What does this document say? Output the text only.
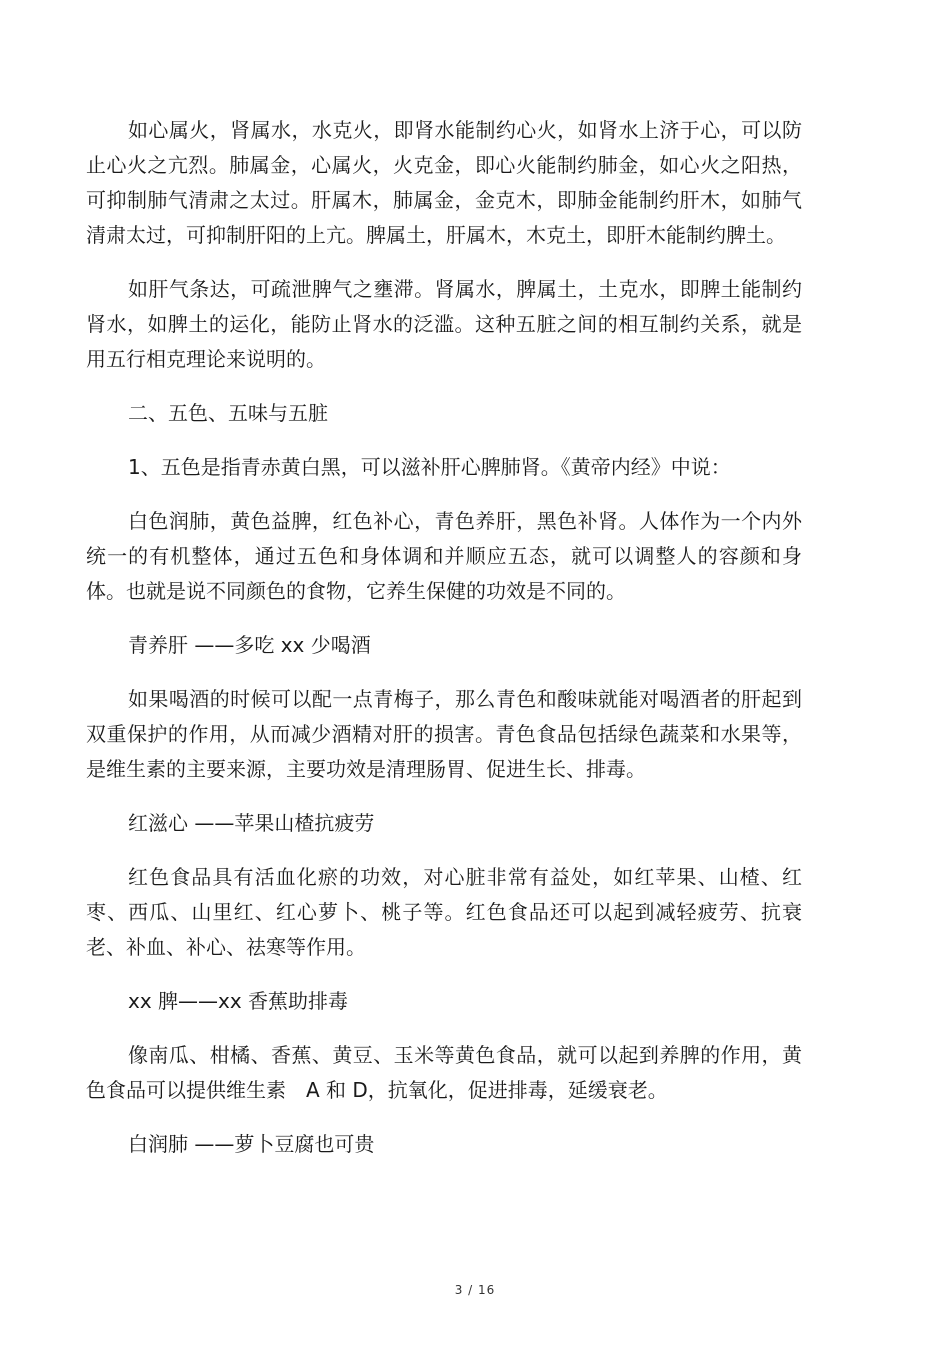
如心属火，肾属水，水克火，即肾水能制约心火，如肾水上济于心，可以防止心火之亢烈。肺属金，心属火，火克金，即心火能制约肺金，如心火之阳热，可抑制肺气清肃之太过。肝属木，肺属金，金克木，即肺金能制约肝木，如肺气清肃太过，可抑制肝阳的上亢。脾属土，肝属木，木克土，即肝木能制约脾土。

如肝气条达，可疏泄脾气之壅滞。肾属水，脾属土，土克水，即脾土能制约肾水，如脾土的运化，能防止肾水的泛滥。这种五脏之间的相互制约关系，就是用五行相克理论来说明的。

二、五色、五味与五脏

1、五色是指青赤黄白黑，可以滋补肝心脾肺肾。《黄帝内经》中说：

白色润肺，黄色益脾，红色补心，青色养肝，黑色补肾。人体作为一个内外统一的有机整体，通过五色和身体调和并顺应五态，就可以调整人的容颜和身体。也就是说不同颜色的食物，它养生保健的功效是不同的。

青养肝 ——多吃 xx 少喝酒

如果喝酒的时候可以配一点青梅子，那么青色和酸味就能对喝酒者的肝起到双重保护的作用，从而减少酒精对肝的损害。青色食品包括绿色蔬菜和水果等，是维生素的主要来源，主要功效是清理肠胃、促进生长、排毒。

红滋心 ——苹果山楂抗疲劳

红色食品具有活血化瘀的功效，对心脏非常有益处，如红苹果、山楂、红枣、西瓜、山里红、红心萝卜、桃子等。红色食品还可以起到减轻疲劳、抗衰老、补血、补心、祛寒等作用。

xx 脾——xx 香蕉助排毒

像南瓜、柑橘、香蕉、黄豆、玉米等黄色食品，就可以起到养脾的作用，黄色食品可以提供维生素　A 和 D，抗氧化，促进排毒，延缓衰老。

白润肺 ——萝卜豆腐也可贵

3 / 16
